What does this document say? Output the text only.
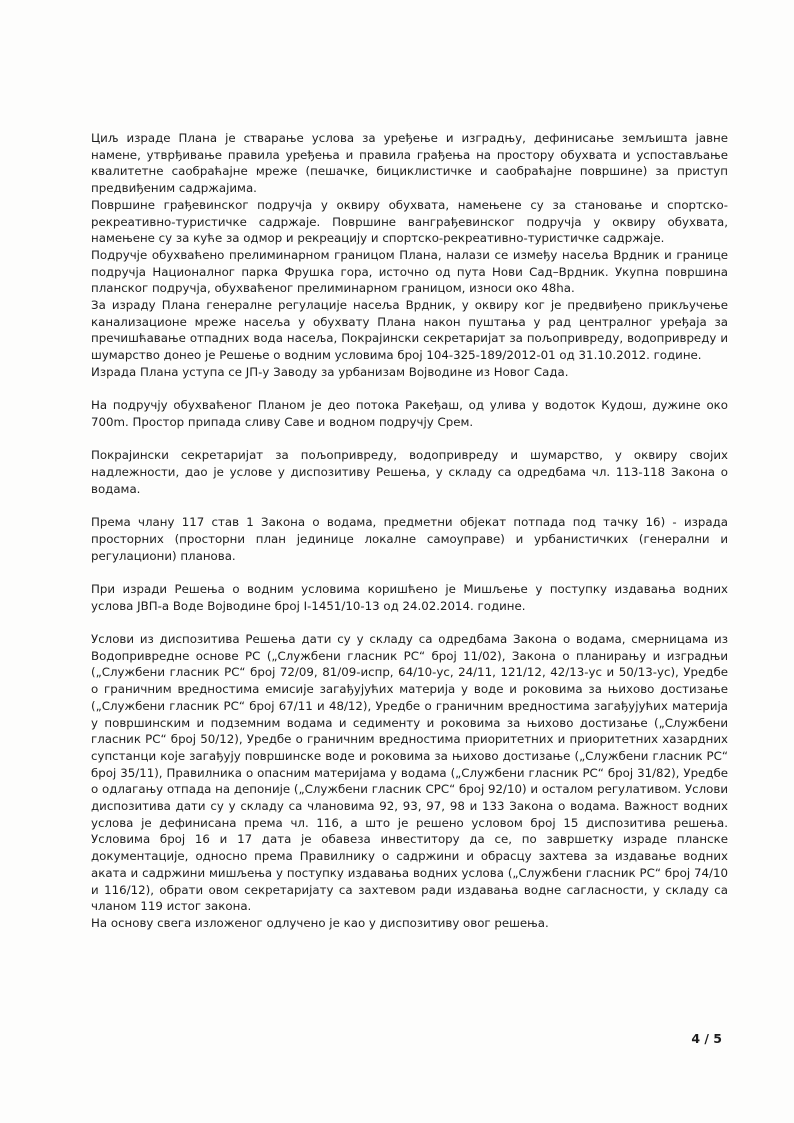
Циљ израде Плана је стварање услова за уређење и изградњу, дефинисање земљишта јавне намене, утврђивање правила уређења и правила грађења на простору обухвата и успостављање квалитетне саобраћајне мреже (пешачке, бициклистичке и саобраћајне површине) за приступ предвиђеним садржајима.

Површине грађевинског подручја у оквиру обухвата, намењене су за становање и спортско-рекреативно-туристичке садржаје. Површине ванграђевинског подручја у оквиру обухвата, намењене су за куће за одмор и рекреацију и спортско-рекреативно-туристичке садржаје.

Подручје обухваћено прелиминарном границом Плана, налази се између насеља Врдник и границе подручја Националног парка Фрушка гора, источно од пута Нови Сад–Врдник. Укупна површина планског подручја, обухваћеног прелиминарном границом, износи око 48ha.

За израду Плана генералне регулације насеља Врдник, у оквиру ког је предвиђено прикључење канализационе мреже насеља у обухвату Плана након пуштања у рад централног уређаја за пречишћавање отпадних вода насеља, Покрајински секретаријат за пољопривреду, водопривреду и шумарство донео је Решење о водним условима број 104-325-189/2012-01 од 31.10.2012. године.

Израда Плана уступа се ЈП-у Заводу за урбанизам Војводине из Новог Сада.

На подручју обухваћеног Планом је део потока Ракеђаш, од улива у водоток Кудош, дужине око 700m. Простор припада сливу Саве и водном подручју Срем.

Покрајински секретаријат за пољопривреду, водопривреду и шумарство, у оквиру својих надлежности, дао је услове у диспозитиву Решења, у складу са одредбама чл. 113-118 Закона о водама.

Према члану 117 став 1 Закона о водама, предметни објекат потпада под тачку 16) - израда просторних (просторни план јединице локалне самоуправе) и урбанистичких (генерални и регулациони) планова.

При изради Решења о водним условима коришћено је Мишљење у поступку издавања водних услова ЈВП-а Воде Војводине број I-1451/10-13 од 24.02.2014. године.

Услови из диспозитива Решења дати су у складу са одредбама Закона о водама, смерницама из Водопривредне основе РС („Службени гласник РС“ број 11/02), Закона о планирању и изградњи („Службени гласник РС“ број 72/09, 81/09-испр, 64/10-ус, 24/11, 121/12, 42/13-ус и 50/13-ус), Уредбе о граничним вредностима емисије загађујућих материја у воде и роковима за њихово достизање („Службени гласник РС“ број 67/11 и 48/12), Уредбе о граничним вредностима загађујућих материја у површинским и подземним водама и седименту и роковима за њихово достизање („Службени гласник РС“ број 50/12), Уредбе о граничним вредностима приоритетних и приоритетних хазардних супстанци које загађују површинске воде и роковима за њихово достизање („Службени гласник РС“ број 35/11), Правилника о опасним материјама у водама („Службени гласник РС“ број 31/82), Уредбе о одлагању отпада на депоније („Службени гласник СРС“ број 92/10) и осталом регулативом. Услови диспозитива дати су у складу са члановима 92, 93, 97, 98 и 133 Закона о водама. Важност водних услова је дефинисана према чл. 116, а што је решено условом број 15 диспозитива решења. Условима број 16 и 17 дата је обавеза инвеститору да се, по завршетку израде планске документације, односно према Правилнику о садржини и обрасцу захтева за издавање водних аката и садржини мишљења у поступку издавања водних услова („Службени гласник РС“ број 74/10 и 116/12), обрати овом секретаријату са захтевом ради издавања водне сагласности, у складу са чланом 119 истог закона.

На основу свега изложеног одлучено је као у диспозитиву овог решења.

4 / 5
